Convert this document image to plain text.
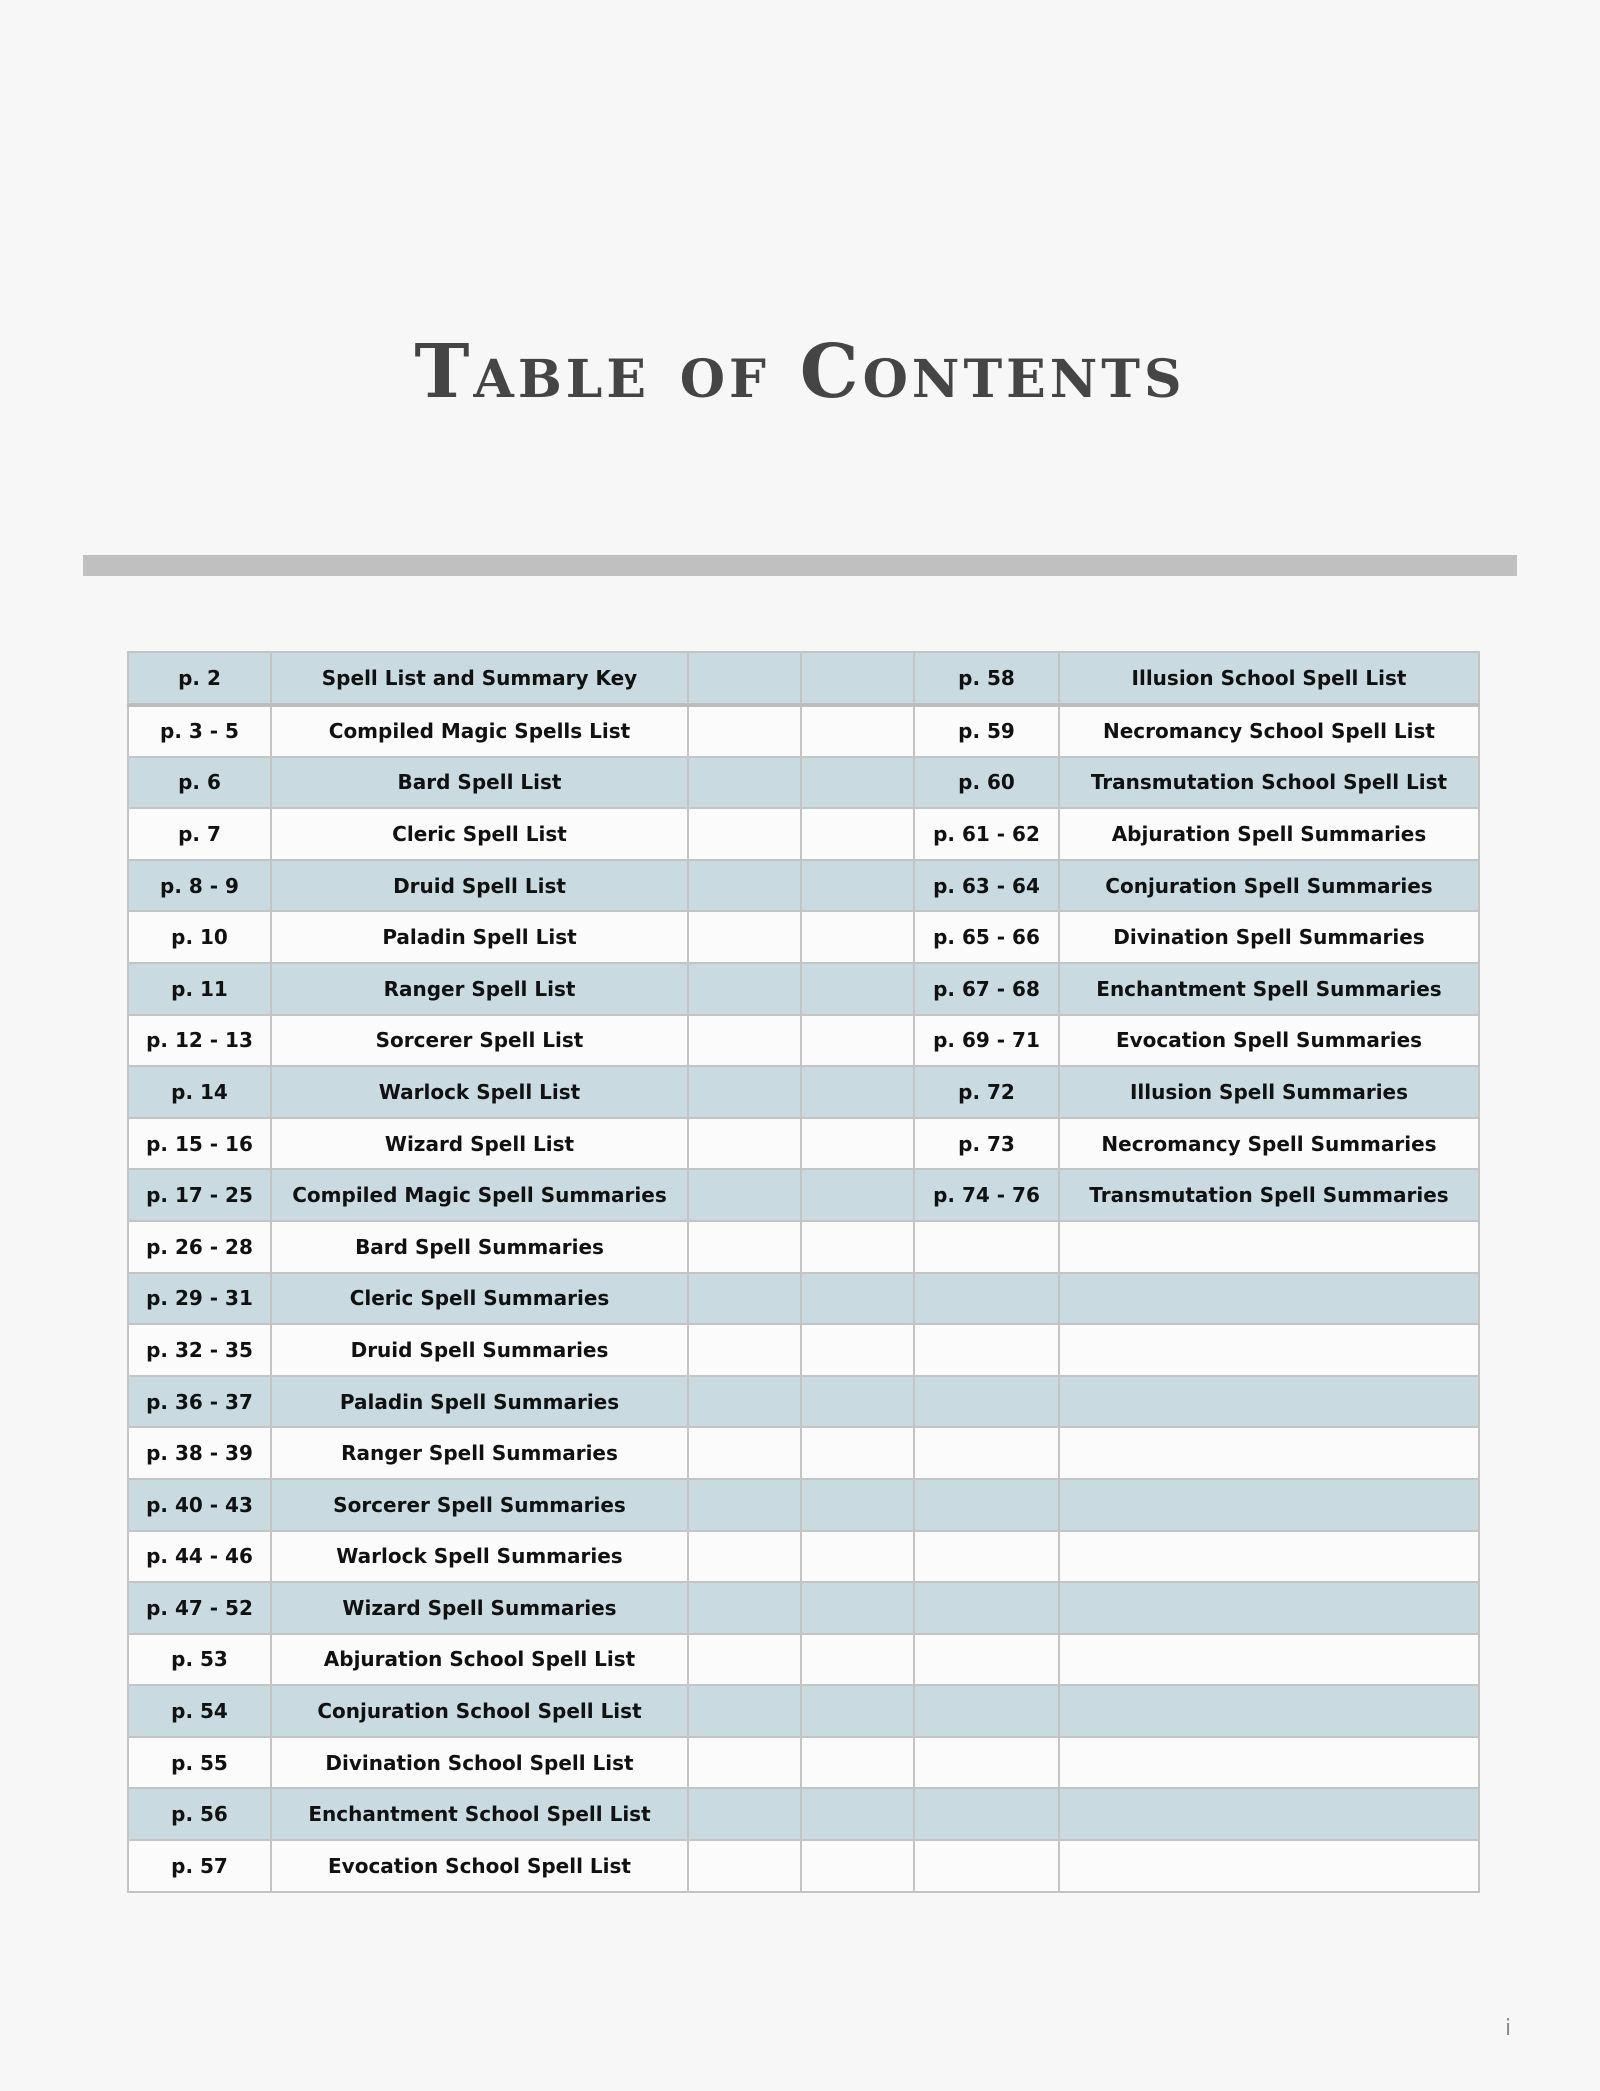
Table of Contents
p. 2	Spell List and Summary Key			p. 58	Illusion School Spell List
p. 3 - 5	Compiled Magic Spells List			p. 59	Necromancy School Spell List
p. 6	Bard Spell List			p. 60	Transmutation School Spell List
p. 7	Cleric Spell List			p. 61 - 62	Abjuration Spell Summaries
p. 8 - 9	Druid Spell List			p. 63 - 64	Conjuration Spell Summaries
p. 10	Paladin Spell List			p. 65 - 66	Divination Spell Summaries
p. 11	Ranger Spell List			p. 67 - 68	Enchantment Spell Summaries
p. 12 - 13	Sorcerer Spell List			p. 69 - 71	Evocation Spell Summaries
p. 14	Warlock Spell List			p. 72	Illusion Spell Summaries
p. 15 - 16	Wizard Spell List			p. 73	Necromancy Spell Summaries
p. 17 - 25	Compiled Magic Spell Summaries			p. 74 - 76	Transmutation Spell Summaries
p. 26 - 28	Bard Spell Summaries				
p. 29 - 31	Cleric Spell Summaries				
p. 32 - 35	Druid Spell Summaries				
p. 36 - 37	Paladin Spell Summaries				
p. 38 - 39	Ranger Spell Summaries				
p. 40 - 43	Sorcerer Spell Summaries				
p. 44 - 46	Warlock Spell Summaries				
p. 47 - 52	Wizard Spell Summaries				
p. 53	Abjuration School Spell List				
p. 54	Conjuration School Spell List				
p. 55	Divination School Spell List				
p. 56	Enchantment School Spell List				
p. 57	Evocation School Spell List				
i
